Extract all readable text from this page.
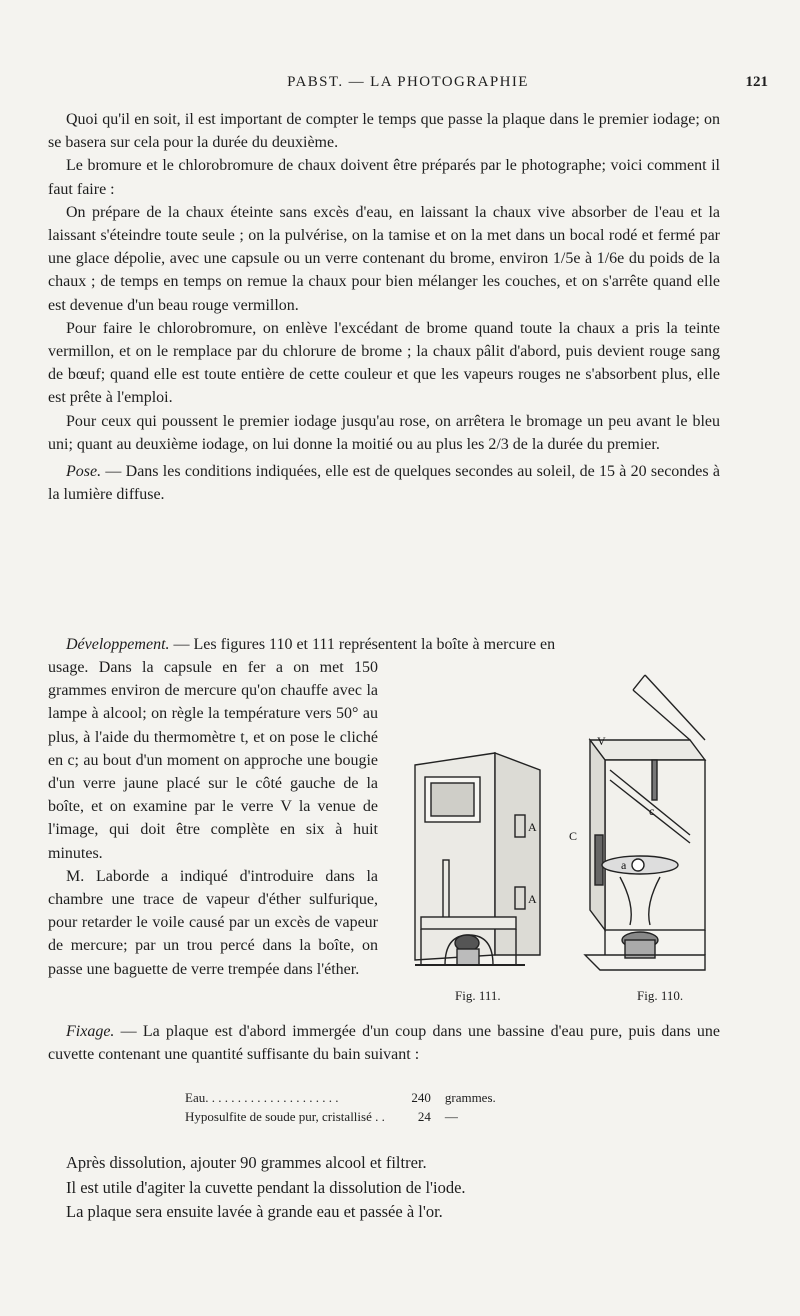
PABST. — LA PHOTOGRAPHIE	121

Quoi qu'il en soit, il est important de compter le temps que passe la plaque dans le premier iodage; on se basera sur cela pour la durée du deuxième.

Le bromure et le chlorobromure de chaux doivent être préparés par le photographe; voici comment il faut faire :

On prépare de la chaux éteinte sans excès d'eau, en laissant la chaux vive absorber de l'eau et la laissant s'éteindre toute seule ; on la pulvérise, on la tamise et on la met dans un bocal rodé et fermé par une glace dépolie, avec une capsule ou un verre contenant du brome, environ 1/5e à 1/6e du poids de la chaux ; de temps en temps on remue la chaux pour bien mélanger les couches, et on s'arrête quand elle est devenue d'un beau rouge vermillon.

Pour faire le chlorobromure, on enlève l'excédant de brome quand toute la chaux a pris la teinte vermillon, et on le remplace par du chlorure de brome ; la chaux pâlit d'abord, puis devient rouge sang de bœuf; quand elle est toute entière de cette couleur et que les vapeurs rouges ne s'absorbent plus, elle est prête à l'emploi.

Pour ceux qui poussent le premier iodage jusqu'au rose, on arrêtera le bromage un peu avant le bleu uni; quant au deuxième iodage, on lui donne la moitié ou au plus les 2/3 de la durée du premier.

Pose. — Dans les conditions indiquées, elle est de quelques secondes au soleil, de 15 à 20 secondes à la lumière diffuse.

Développement. — Les figures 110 et 111 représentent la boîte à mercure en

usage. Dans la capsule en fer a on met 150 grammes environ de mercure qu'on chauffe avec la lampe à alcool; on règle la température vers 50° au plus, à l'aide du thermomètre t, et on pose le cliché en c; au bout d'un moment on approche une bougie d'un verre jaune placé sur le côté gauche de la boîte, et on examine par le verre V la venue de l'image, qui doit être complète en six à huit minutes.

M. Laborde a indiqué d'introduire dans la chambre une trace de vapeur d'éther sulfurique, pour retarder le voile causé par un excès de vapeur de mercure; par un trou percé dans la boîte, on passe une baguette de verre trempée dans l'éther.

A
A
C
V
c
a
Fig. 111.	Fig. 110.

Fixage. — La plaque est d'abord immergée d'un coup dans une bassine d'eau pure, puis dans une cuvette contenant une quantité suffisante du bain suivant :

Eau. . . . . . . . . . . . . . . . . . . . .	240	grammes.
Hyposulfite de soude pur, cristallisé . .	24	—

Après dissolution, ajouter 90 grammes alcool et filtrer.

Il est utile d'agiter la cuvette pendant la dissolution de l'iode.

La plaque sera ensuite lavée à grande eau et passée à l'or.
